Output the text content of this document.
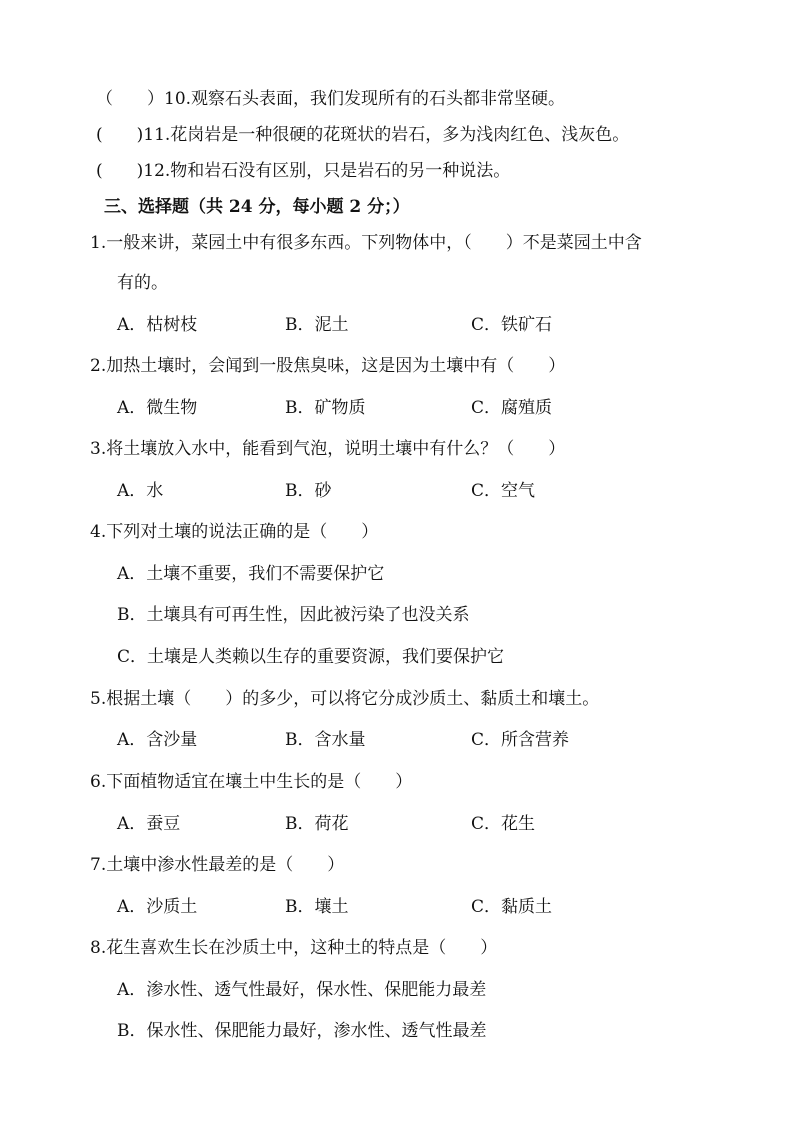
（　　）10.观察石头表面，我们发现所有的石头都非常坚硬。
(　　)11.花岗岩是一种很硬的花斑状的岩石，多为浅肉红色、浅灰色。
(　　)12.物和岩石没有区别，只是岩石的另一种说法。
三、选择题（共 24 分，每小题 2 分；）
1.一般来讲，菜园土中有很多东西。下列物体中，（　　）不是菜园土中含
有的。
A．枯树枝	B．泥土	C．铁矿石
2.加热土壤时，会闻到一股焦臭味，这是因为土壤中有（　　）
A．微生物	B．矿物质	C．腐殖质
3.将土壤放入水中，能看到气泡，说明土壤中有什么？（　　）
A．水	B．砂	C．空气
4.下列对土壤的说法正确的是（　　）
A．土壤不重要，我们不需要保护它
B．土壤具有可再生性，因此被污染了也没关系
C．土壤是人类赖以生存的重要资源，我们要保护它
5.根据土壤（　　）的多少，可以将它分成沙质土、黏质土和壤土。
A．含沙量	B．含水量	C．所含营养
6.下面植物适宜在壤土中生长的是（　　）
A．蚕豆	B．荷花	C．花生
7.土壤中渗水性最差的是（　　）
A．沙质土	B．壤土	C．黏质土
8.花生喜欢生长在沙质土中，这种土的特点是（　　）
A．渗水性、透气性最好，保水性、保肥能力最差
B．保水性、保肥能力最好，渗水性、透气性最差
